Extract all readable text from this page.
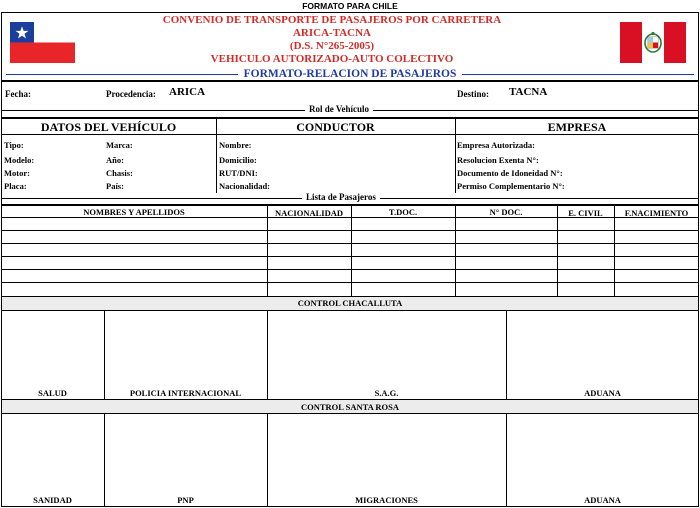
FORMATO PARA CHILE
CONVENIO DE TRANSPORTE DE PASAJEROS POR CARRETERA
ARICA-TACNA
(D.S. N°265-2005)
VEHICULO AUTORIZADO-AUTO COLECTIVO
FORMATO-RELACION DE PASAJEROS
Fecha:	Procedencia: ARICA	Destino: TACNA
Rol de Vehículo
DATOS DEL VEHÍCULO	CONDUCTOR	EMPRESA
Tipo:	Marca:
Modelo:	Año:
Motor:	Chasis:
Placa:	País:
Nombre:
Domicilio:
RUT/DNI:
Nacionalidad:
Empresa Autorizada:
Resolucion Exenta N°:
Documento de Idoneidad N°:
Permiso Complementario N°:
Lista de Pasajeros
NOMBRES Y APELLIDOS	NACIONALIDAD	T.DOC.	N° DOC.	E. CIVIL	F.NACIMIENTO
CONTROL CHACALLUTA
SALUD	POLICIA INTERNACIONAL	S.A.G.	ADUANA
CONTROL SANTA ROSA
SANIDAD	PNP	MIGRACIONES	ADUANA
